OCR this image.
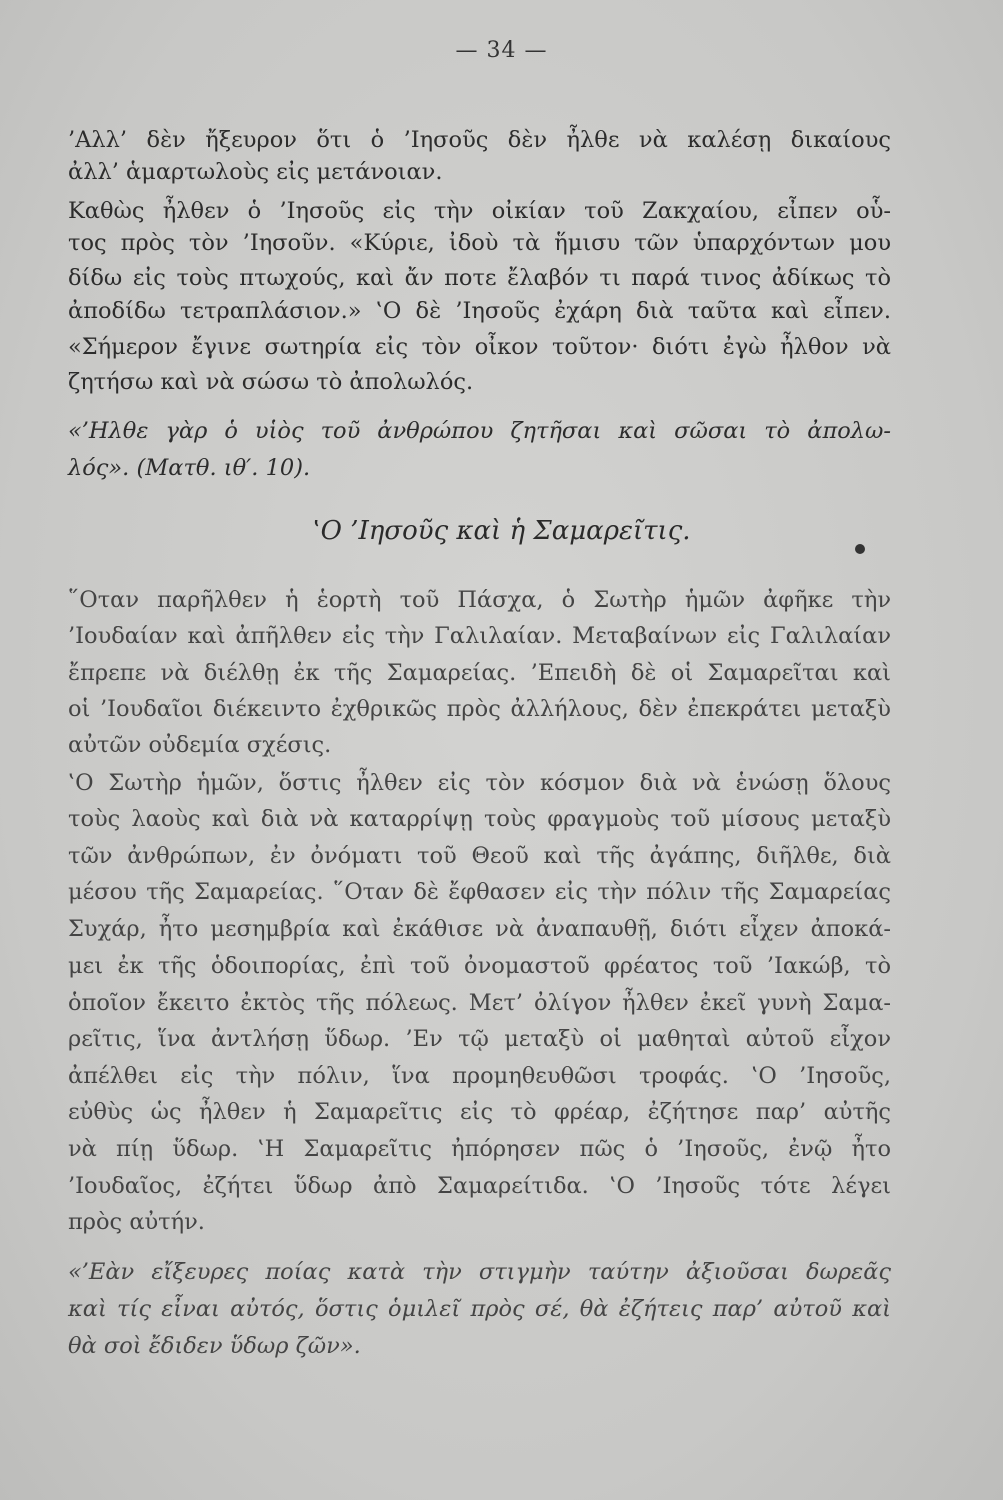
— 34 —
’Αλλ’ δὲν ἤξευρον ὅτι ὁ ’Ιησοῦς δὲν ἦλθε νὰ καλέσῃ δικαίους
ἀλλ’ ἁμαρτωλοὺς εἰς μετάνοιαν.
Καθὼς ἦλθεν ὁ ’Ιησοῦς εἰς τὴν οἰκίαν τοῦ Ζακχαίου, εἶπεν οὗ-
τος πρὸς τὸν ’Ιησοῦν. «Κύριε, ἰδοὺ τὰ ἥμισυ τῶν ὑπαρχόντων μου
δίδω εἰς τοὺς πτωχούς, καὶ ἄν ποτε ἔλαβόν τι παρά τινος ἀδίκως τὸ
ἀποδίδω τετραπλάσιον.» ‛Ο δὲ ’Ιησοῦς ἐχάρη διὰ ταῦτα καὶ εἶπεν.
«Σήμερον ἔγινε σωτηρία εἰς τὸν οἶκον τοῦτον· διότι ἐγὼ ἦλθον νὰ
ζητήσω καὶ νὰ σώσω τὸ ἀπολωλός.
«’Ηλθε γὰρ ὁ υἱὸς τοῦ ἀνθρώπου ζητῆσαι καὶ σῶσαι τὸ ἀπολω-
λός». (Ματθ. ιθ′. 10).
‛Ο ’Ιησοῦς καὶ ἡ Σαμαρεῖτις.
῞Οταν παρῆλθεν ἡ ἑορτὴ τοῦ Πάσχα, ὁ Σωτὴρ ἡμῶν ἀφῆκε τὴν
’Ιουδαίαν καὶ ἀπῆλθεν εἰς τὴν Γαλιλαίαν. Μεταβαίνων εἰς Γαλιλαίαν
ἔπρεπε νὰ διέλθῃ ἐκ τῆς Σαμαρείας. ’Επειδὴ δὲ οἱ Σαμαρεῖται καὶ
οἱ ’Ιουδαῖοι διέκειντο ἐχθρικῶς πρὸς ἀλλήλους, δὲν ἐπεκράτει μεταξὺ
αὐτῶν οὐδεμία σχέσις.
‛Ο Σωτὴρ ἡμῶν, ὅστις ἦλθεν εἰς τὸν κόσμον διὰ νὰ ἑνώσῃ ὅλους
τοὺς λαοὺς καὶ διὰ νὰ καταρρίψῃ τοὺς φραγμοὺς τοῦ μίσους μεταξὺ
τῶν ἀνθρώπων, ἐν ὀνόματι τοῦ Θεοῦ καὶ τῆς ἀγάπης, διῆλθε, διὰ
μέσου τῆς Σαμαρείας. ῞Οταν δὲ ἔφθασεν εἰς τὴν πόλιν τῆς Σαμαρείας
Συχάρ, ἦτο μεσημβρία καὶ ἐκάθισε νὰ ἀναπαυθῇ, διότι εἶχεν ἀποκά-
μει ἐκ τῆς ὁδοιπορίας, ἐπὶ τοῦ ὀνομαστοῦ φρέατος τοῦ ’Ιακώβ, τὸ
ὁποῖον ἔκειτο ἐκτὸς τῆς πόλεως. Μετ’ ὀλίγον ἦλθεν ἐκεῖ γυνὴ Σαμα-
ρεῖτις, ἵνα ἀντλήσῃ ὕδωρ. ’Εν τῷ μεταξὺ οἱ μαθηταὶ αὐτοῦ εἶχον
ἀπέλθει εἰς τὴν πόλιν, ἵνα προμηθευθῶσι τροφάς. ‛Ο ’Ιησοῦς,
εὐθὺς ὡς ἦλθεν ἡ Σαμαρεῖτις εἰς τὸ φρέαρ, ἐζήτησε παρ’ αὐτῆς
νὰ πίῃ ὕδωρ. ‛Η Σαμαρεῖτις ἠπόρησεν πῶς ὁ ’Ιησοῦς, ἐνῷ ἦτο
’Ιουδαῖος, ἐζήτει ὕδωρ ἀπὸ Σαμαρείτιδα. ‛Ο ’Ιησοῦς τότε λέγει
πρὸς αὐτήν.
«’Εὰν εἴξευρες ποίας κατὰ τὴν στιγμὴν ταύτην ἀξιοῦσαι δωρεᾶς
καὶ τίς εἶναι αὐτός, ὅστις ὁμιλεῖ πρὸς σέ, θὰ ἐζήτεις παρ’ αὐτοῦ καὶ
θὰ σοὶ ἔδιδεν ὕδωρ ζῶν».
